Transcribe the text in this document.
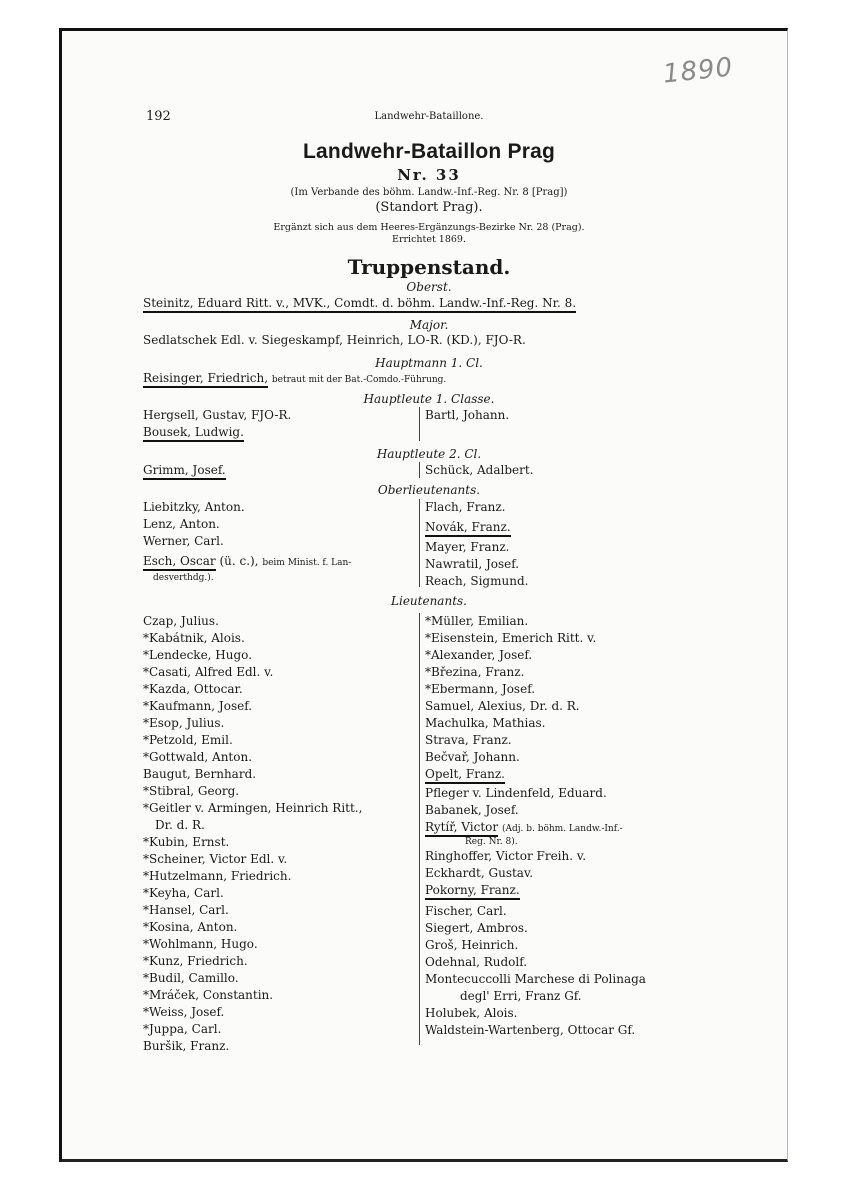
1890
192	Landwehr-Bataillone.
Landwehr-Bataillon Prag
Nr. 33
(Im Verbande des böhm. Landw.-Inf.-Reg. Nr. 8 [Prag])
(Standort Prag).
Ergänzt sich aus dem Heeres-Ergänzungs-Bezirke Nr. 28 (Prag).
Errichtet 1869.
Truppenstand.
Oberst.
Steinitz, Eduard Ritt. v., MVK., Comdt. d. böhm. Landw.-Inf.-Reg. Nr. 8.
Major.
Sedlatschek Edl. v. Siegeskampf, Heinrich, LO-R. (KD.), FJO-R.
Hauptmann 1. Cl.
Reisinger, Friedrich, betraut mit der Bat.-Comdo.-Führung.
Hauptleute 1. Classe.
Hergsell, Gustav, FJO-R.
Bousek, Ludwig.
Bartl, Johann.
Hauptleute 2. Cl.
Grimm, Josef.	Schück, Adalbert.
Oberlieutenants.
Liebitzky, Anton.
Lenz, Anton.
Werner, Carl.
Esch, Oscar (ü. c.), beim Minist. f. Lan-
desverthdg.).
Flach, Franz.
Novák, Franz.
Mayer, Franz.
Nawratil, Josef.
Reach, Sigmund.
Lieutenants.
Czap, Julius.
*Kabátnik, Alois.
*Lendecke, Hugo.
*Casati, Alfred Edl. v.
*Kazda, Ottocar.
*Kaufmann, Josef.
*Esop, Julius.
*Petzold, Emil.
*Gottwald, Anton.
Baugut, Bernhard.
*Stibral, Georg.
*Geitler v. Armingen, Heinrich Ritt.,
Dr. d. R.
*Kubin, Ernst.
*Scheiner, Victor Edl. v.
*Hutzelmann, Friedrich.
*Keyha, Carl.
*Hansel, Carl.
*Kosina, Anton.
*Wohlmann, Hugo.
*Kunz, Friedrich.
*Budil, Camillo.
*Mráček, Constantin.
*Weiss, Josef.
*Juppa, Carl.
Buršik, Franz.
*Müller, Emilian.
*Eisenstein, Emerich Ritt. v.
*Alexander, Josef.
*Březina, Franz.
*Ebermann, Josef.
Samuel, Alexius, Dr. d. R.
Machulka, Mathias.
Strava, Franz.
Bečvař, Johann.
Opelt, Franz.
Pfleger v. Lindenfeld, Eduard.
Babanek, Josef.
Rytíř, Victor (Adj. b. böhm. Landw.-Inf.-
Reg. Nr. 8).
Ringhoffer, Victor Freih. v.
Eckhardt, Gustav.
Pokorny, Franz.
Fischer, Carl.
Siegert, Ambros.
Groš, Heinrich.
Odehnal, Rudolf.
Montecuccolli Marchese di Polinaga
degl' Erri, Franz Gf.
Holubek, Alois.
Waldstein-Wartenberg, Ottocar Gf.
